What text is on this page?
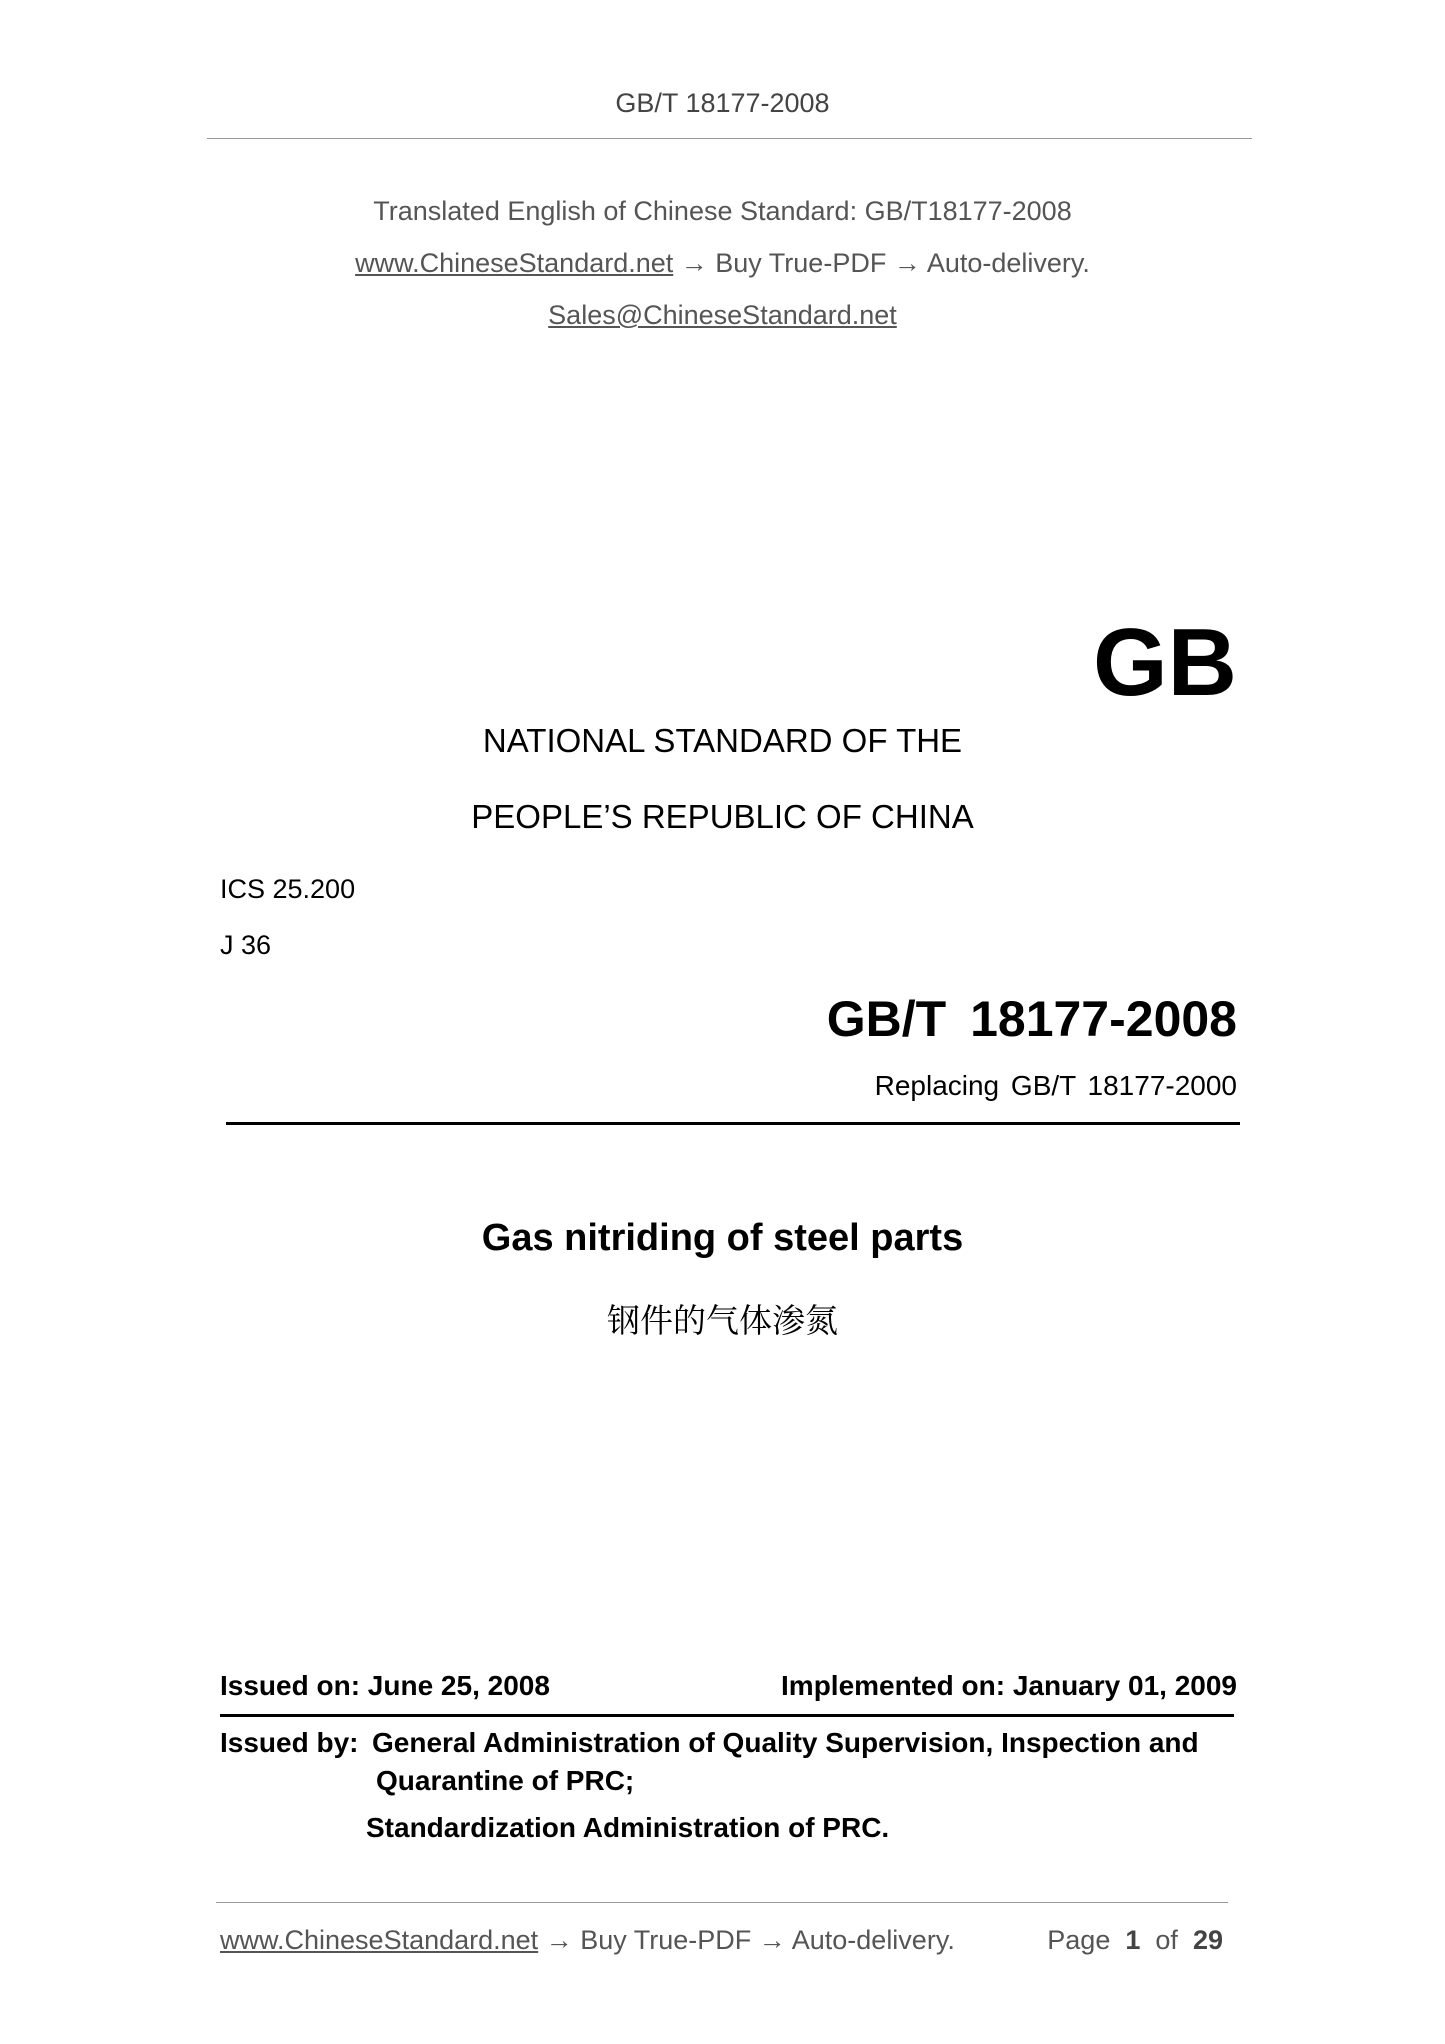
GB/T 18177-2008
Translated English of Chinese Standard: GB/T18177-2008
www.ChineseStandard.net → Buy True-PDF → Auto-delivery.
Sales@ChineseStandard.net
GB
NATIONAL STANDARD OF THE
PEOPLE’S REPUBLIC OF CHINA
ICS 25.200
J 36
GB/T 18177-2008
Replacing GB/T 18177-2000
Gas nitriding of steel parts
钢件的气体渗氮
Issued on: June 25, 2008	Implemented on: January 01, 2009
Issued by: General Administration of Quality Supervision, Inspection and
Quarantine of PRC;
Standardization Administration of PRC.
www.ChineseStandard.net → Buy True-PDF → Auto-delivery.	Page 1 of 29
